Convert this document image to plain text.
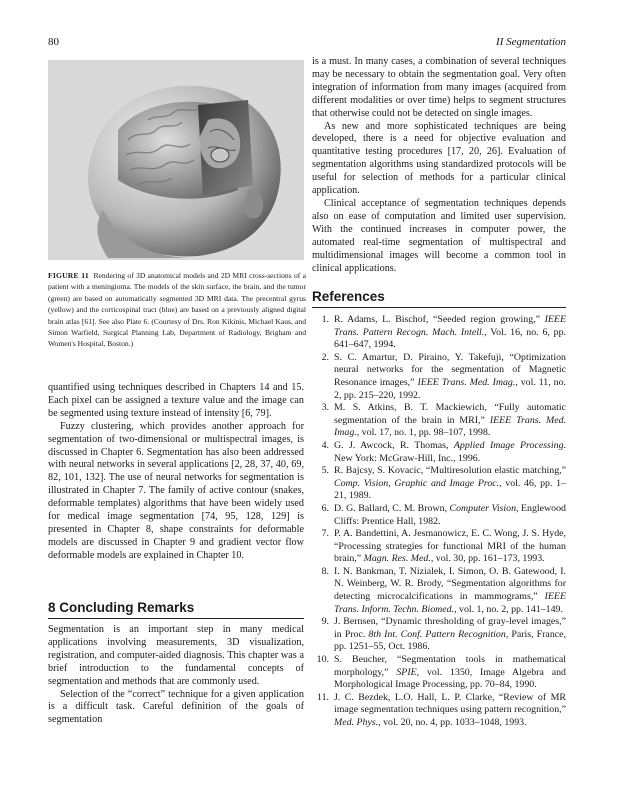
80	II Segmentation
FIGURE 11 Rendering of 3D anatomical models and 2D MRI cross-sections of a patient with a meningioma. The models of the skin surface, the brain, and the tumor (green) are based on automatically segmented 3D MRI data. The precentral gyrus (yellow) and the corticospinal tract (blue) are based on a previously aligned digital brain atlas [61]. See also Plate 6. (Courtesy of Drs. Ron Kikinis, Michael Kaus, and Simon Warfield, Surgical Planning Lab, Department of Radiology, Brigham and Women's Hospital, Boston.)

quantified using techniques described in Chapters 14 and 15. Each pixel can be assigned a texture value and the image can be segmented using texture instead of intensity [6, 79].

Fuzzy clustering, which provides another approach for segmentation of two-dimensional or multispectral images, is discussed in Chapter 6. Segmentation has also been addressed with neural networks in several applications [2, 28, 37, 40, 69, 82, 101, 132]. The use of neural networks for segmentation is illustrated in Chapter 7. The family of active contour (snakes, deformable templates) algorithms that have been widely used for medical image segmentation [74, 95, 128, 129] is presented in Chapter 8, shape constraints for deformable models are discussed in Chapter 9 and gradient vector flow deformable models are explained in Chapter 10.

8 Concluding Remarks

Segmentation is an important step in many medical applications involving measurements, 3D visualization, registration, and computer-aided diagnosis. This chapter was a brief introduction to the fundamental concepts of segmentation and methods that are commonly used.

Selection of the “correct” technique for a given application is a difficult task. Careful definition of the goals of segmentation

is a must. In many cases, a combination of several techniques may be necessary to obtain the segmentation goal. Very often integration of information from many images (acquired from different modalities or over time) helps to segment structures that otherwise could not be detected on single images.

As new and more sophisticated techniques are being developed, there is a need for objective evaluation and quantitative testing procedures [17, 20, 26]. Evaluation of segmentation algorithms using standardized protocols will be useful for selection of methods for a particular clinical application.

Clinical acceptance of segmentation techniques depends also on ease of computation and limited user supervision. With the continued increases in computer power, the automated real-time segmentation of multispectral and multidimensional images will become a common tool in clinical applications.

References
1. R. Adams, L. Bischof, “Seeded region growing,” IEEE Trans. Pattern Recogn. Mach. Intell., Vol. 16, no. 6, pp. 641–647, 1994.
2. S. C. Amartur, D. Piraino, Y. Takefuji, “Optimization neural networks for the segmentation of Magnetic Resonance images,” IEEE Trans. Med. Imag., vol. 11, no. 2, pp. 215–220, 1992.
3. M. S. Atkins, B. T. Mackiewich, “Fully automatic segmentation of the brain in MRI,” IEEE Trans. Med. Imag., vol. 17, no. 1, pp. 98–107, 1998.
4. G. J. Awcock, R. Thomas, Applied Image Processing. New York: McGraw-Hill, Inc., 1996.
5. R. Bajcsy, S. Kovacic, “Multiresolution elastic matching,” Comp. Vision, Graphic and Image Proc., vol. 46, pp. 1–21, 1989.
6. D. G. Ballard, C. M. Brown, Computer Vision, Englewood Cliffs: Prentice Hall, 1982.
7. P. A. Bandettini, A. Jesmanowicz, E. C. Wong, J. S. Hyde, “Processing strategies for functional MRI of the human brain,” Magn. Res. Med., vol. 30, pp. 161–173, 1993.
8. I. N. Bankman, T. Nizialek, I. Simon, O. B. Gatewood, I. N. Weinberg, W. R. Brody, “Segmentation algorithms for detecting microcalcifications in mammograms,” IEEE Trans. Inform. Techn. Biomed., vol. 1, no. 2, pp. 141–149.
9. J. Bernsen, “Dynamic thresholding of gray-level images,” in Proc. 8th Int. Conf. Pattern Recognition, Paris, France, pp. 1251–55, Oct. 1986.
10. S. Beucher, “Segmentation tools in mathematical morphology,” SPIE, vol. 1350, Image Algebra and Morphological Image Processing, pp. 70–84, 1990.
11. J. C. Bezdek, L.O. Hall, L. P. Clarke, “Review of MR image segmentation techniques using pattern recognition,” Med. Phys., vol. 20, no. 4, pp. 1033–1048, 1993.
